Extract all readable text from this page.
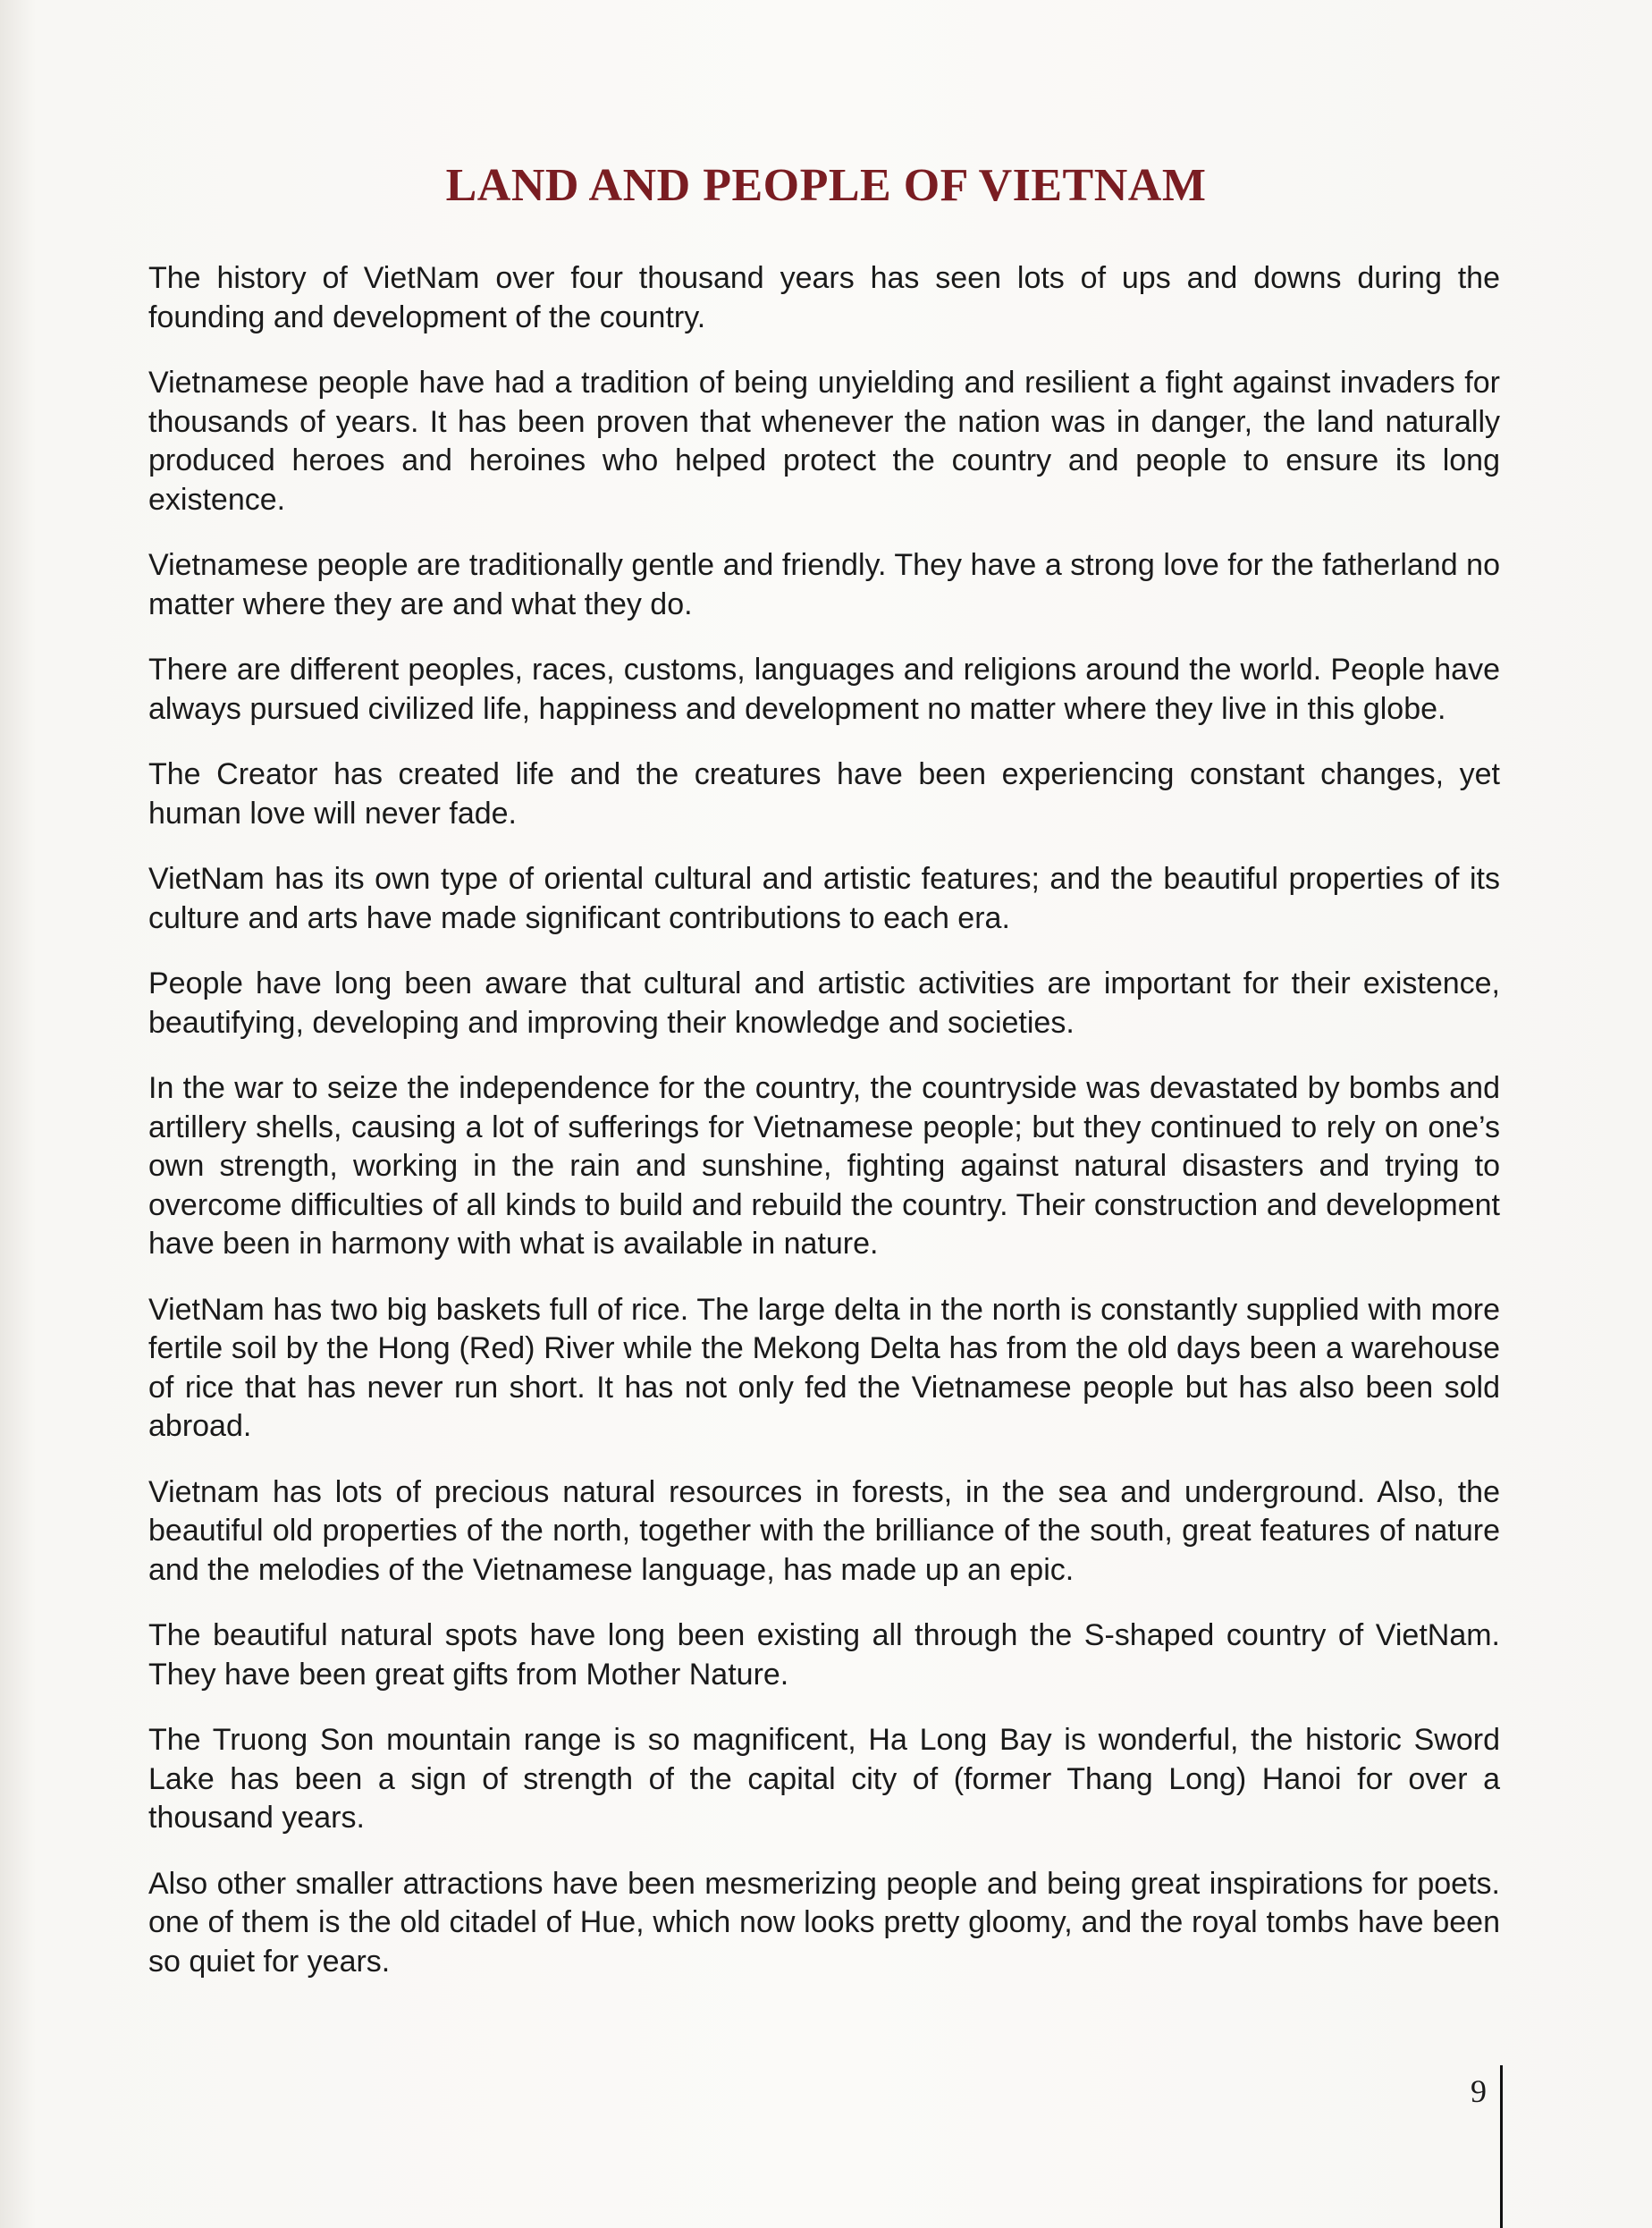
LAND AND PEOPLE OF VIETNAM

The history of VietNam over four thousand years has seen lots of ups and downs during the founding and development of the country.

Vietnamese people have had a tradition of being unyielding and resilient a fight against invaders for thousands of years. It has been proven that whenever the nation was in danger, the land naturally produced heroes and heroines who helped protect the country and people to ensure its long existence.

Vietnamese people are traditionally gentle and friendly. They have a strong love for the fatherland no matter where they are and what they do.

There are different peoples, races, customs, languages and religions around the world. People have always pursued civilized life, happiness and development no matter where they live in this globe.

The Creator has created life and the creatures have been experiencing constant changes, yet human love will never fade.

VietNam has its own type of oriental cultural and artistic features; and the beautiful properties of its culture and arts have made significant contributions to each era.

People have long been aware that cultural and artistic activities are important for their existence, beautifying, developing and improving their knowledge and societies.

In the war to seize the independence for the country, the countryside was devastated by bombs and artillery shells, causing a lot of sufferings for Vietnamese people; but they continued to rely on one’s own strength, working in the rain and sunshine, fighting against natural disasters and trying to overcome difficulties of all kinds to build and rebuild the country. Their construction and development have been in harmony with what is available in nature.

VietNam has two big baskets full of rice. The large delta in the north is constantly supplied with more fertile soil by the Hong (Red) River while the Mekong Delta has from the old days been a warehouse of rice that has never run short. It has not only fed the Vietnamese people but has also been sold abroad.

Vietnam has lots of precious natural resources in forests, in the sea and underground. Also, the beautiful old properties of the north, together with the brilliance of the south, great features of nature and the melodies of the Vietnamese language, has made up an epic.

The beautiful natural spots have long been existing all through the S-shaped country of VietNam. They have been great gifts from Mother Nature.

The Truong Son mountain range is so magnificent, Ha Long Bay is wonderful, the historic Sword Lake has been a sign of strength of the capital city of (former Thang Long) Hanoi for over a thousand years.

Also other smaller attractions have been mesmerizing people and being great inspirations for poets. one of them is the old citadel of Hue, which now looks pretty gloomy, and the royal tombs have been so quiet for years.

9
